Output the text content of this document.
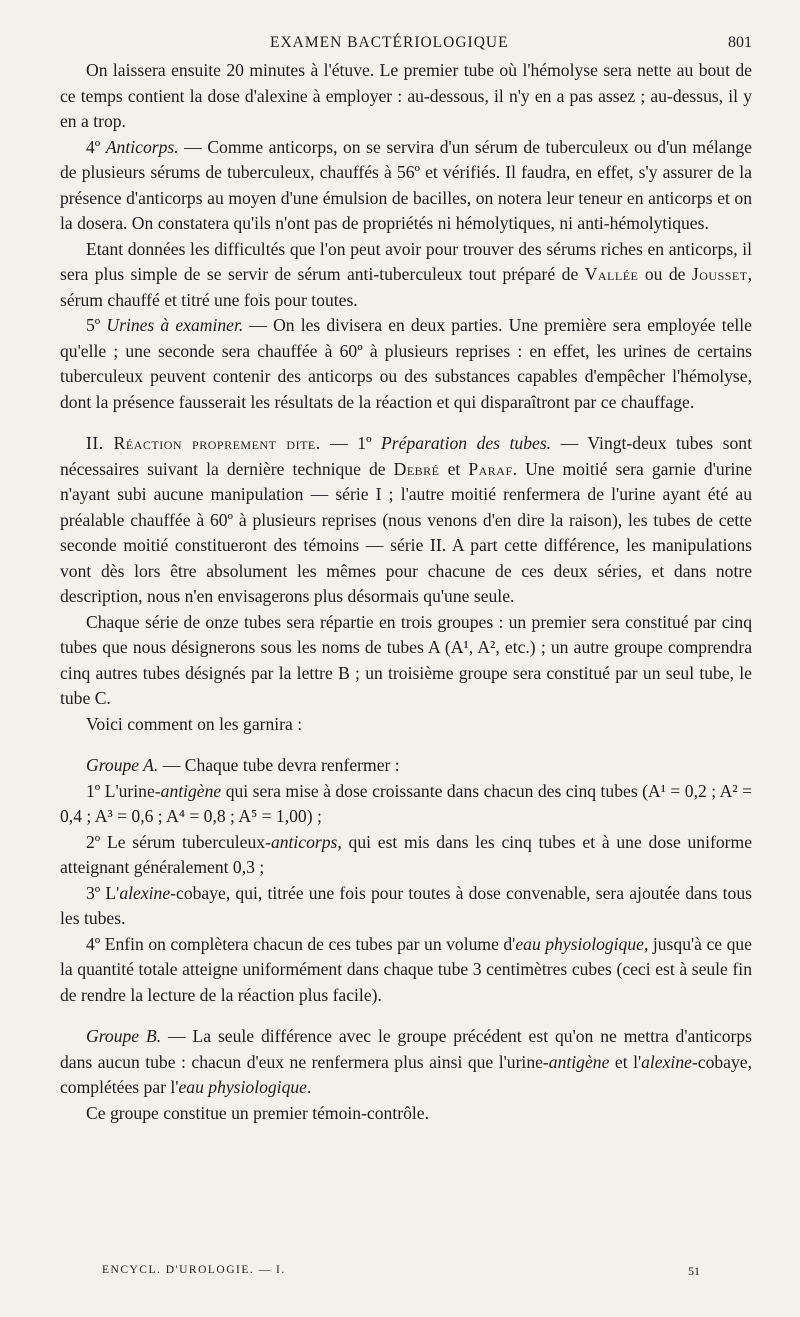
EXAMEN BACTÉRIOLOGIQUE	801

On laissera ensuite 20 minutes à l'étuve. Le premier tube où l'hémolyse sera nette au bout de ce temps contient la dose d'alexine à employer : au-dessous, il n'y en a pas assez ; au-dessus, il y en a trop.

4º Anticorps. — Comme anticorps, on se servira d'un sérum de tuberculeux ou d'un mélange de plusieurs sérums de tuberculeux, chauffés à 56º et vérifiés. Il faudra, en effet, s'y assurer de la présence d'anticorps au moyen d'une émulsion de bacilles, on notera leur teneur en anticorps et on la dosera. On constatera qu'ils n'ont pas de propriétés ni hémolytiques, ni anti-hémolytiques.

Etant données les difficultés que l'on peut avoir pour trouver des sérums riches en anticorps, il sera plus simple de se servir de sérum anti-tuberculeux tout préparé de Vallée ou de Jousset, sérum chauffé et titré une fois pour toutes.

5º Urines à examiner. — On les divisera en deux parties. Une première sera employée telle qu'elle ; une seconde sera chauffée à 60º à plusieurs reprises : en effet, les urines de certains tuberculeux peuvent contenir des anticorps ou des substances capables d'empêcher l'hémolyse, dont la présence fausserait les résultats de la réaction et qui disparaîtront par ce chauffage.

II. Réaction proprement dite. — 1º Préparation des tubes. — Vingt-deux tubes sont nécessaires suivant la dernière technique de Debré et Paraf. Une moitié sera garnie d'urine n'ayant subi aucune manipulation — série I ; l'autre moitié renfermera de l'urine ayant été au préalable chauffée à 60º à plusieurs reprises (nous venons d'en dire la raison), les tubes de cette seconde moitié constitueront des témoins — série II. A part cette différence, les manipulations vont dès lors être absolument les mêmes pour chacune de ces deux séries, et dans notre description, nous n'en envisagerons plus désormais qu'une seule.

Chaque série de onze tubes sera répartie en trois groupes : un premier sera constitué par cinq tubes que nous désignerons sous les noms de tubes A (A¹, A², etc.) ; un autre groupe comprendra cinq autres tubes désignés par la lettre B ; un troisième groupe sera constitué par un seul tube, le tube C.

Voici comment on les garnira :

Groupe A. — Chaque tube devra renfermer :

1º L'urine-antigène qui sera mise à dose croissante dans chacun des cinq tubes (A¹ = 0,2 ; A² = 0,4 ; A³ = 0,6 ; A⁴ = 0,8 ; A⁵ = 1,00) ;

2º Le sérum tuberculeux-anticorps, qui est mis dans les cinq tubes et à une dose uniforme atteignant généralement 0,3 ;

3º L'alexine-cobaye, qui, titrée une fois pour toutes à dose convenable, sera ajoutée dans tous les tubes.

4º Enfin on complètera chacun de ces tubes par un volume d'eau physiologique, jusqu'à ce que la quantité totale atteigne uniformément dans chaque tube 3 centimètres cubes (ceci est à seule fin de rendre la lecture de la réaction plus facile).

Groupe B. — La seule différence avec le groupe précédent est qu'on ne mettra d'anticorps dans aucun tube : chacun d'eux ne renfermera plus ainsi que l'urine-antigène et l'alexine-cobaye, complétées par l'eau physiologique.

Ce groupe constitue un premier témoin-contrôle.

ENCYCL. D'UROLOGIE. — I.	51
